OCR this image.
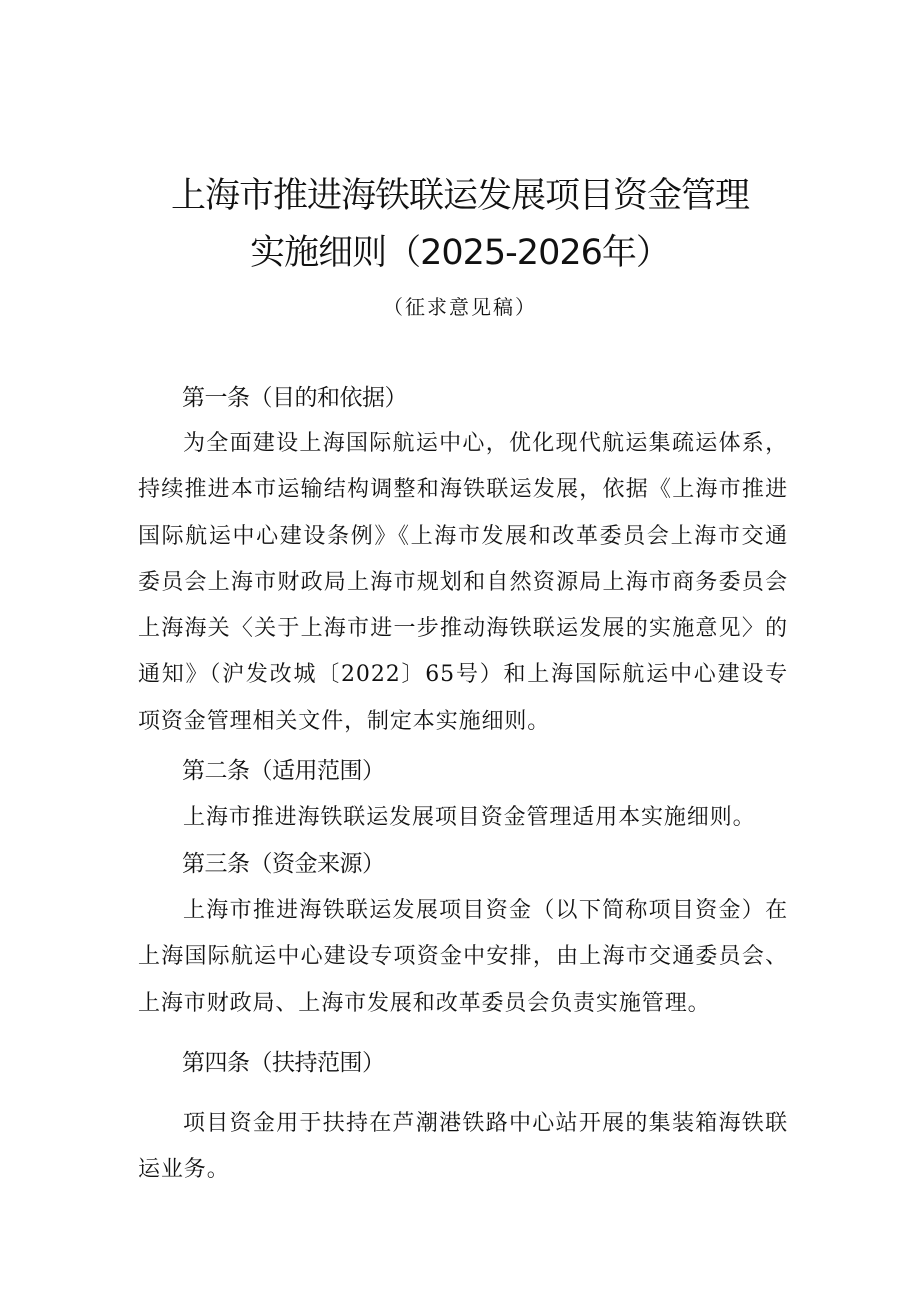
上海市推进海铁联运发展项目资金管理
实施细则（2025-2026年）
（征求意见稿）
第一条（目的和依据）

为全面建设上海国际航运中心，优化现代航运集疏运体系，持续推进本市运输结构调整和海铁联运发展，依据《上海市推进国际航运中心建设条例》《上海市发展和改革委员会上海市交通委员会上海市财政局上海市规划和自然资源局上海市商务委员会上海海关〈关于上海市进一步推动海铁联运发展的实施意见〉的通知》（沪发改城〔2022〕65号）和上海国际航运中心建设专项资金管理相关文件，制定本实施细则。

第二条（适用范围）

上海市推进海铁联运发展项目资金管理适用本实施细则。

第三条（资金来源）

上海市推进海铁联运发展项目资金（以下简称项目资金）在上海国际航运中心建设专项资金中安排，由上海市交通委员会、上海市财政局、上海市发展和改革委员会负责实施管理。

第四条（扶持范围）

项目资金用于扶持在芦潮港铁路中心站开展的集装箱海铁联运业务。
